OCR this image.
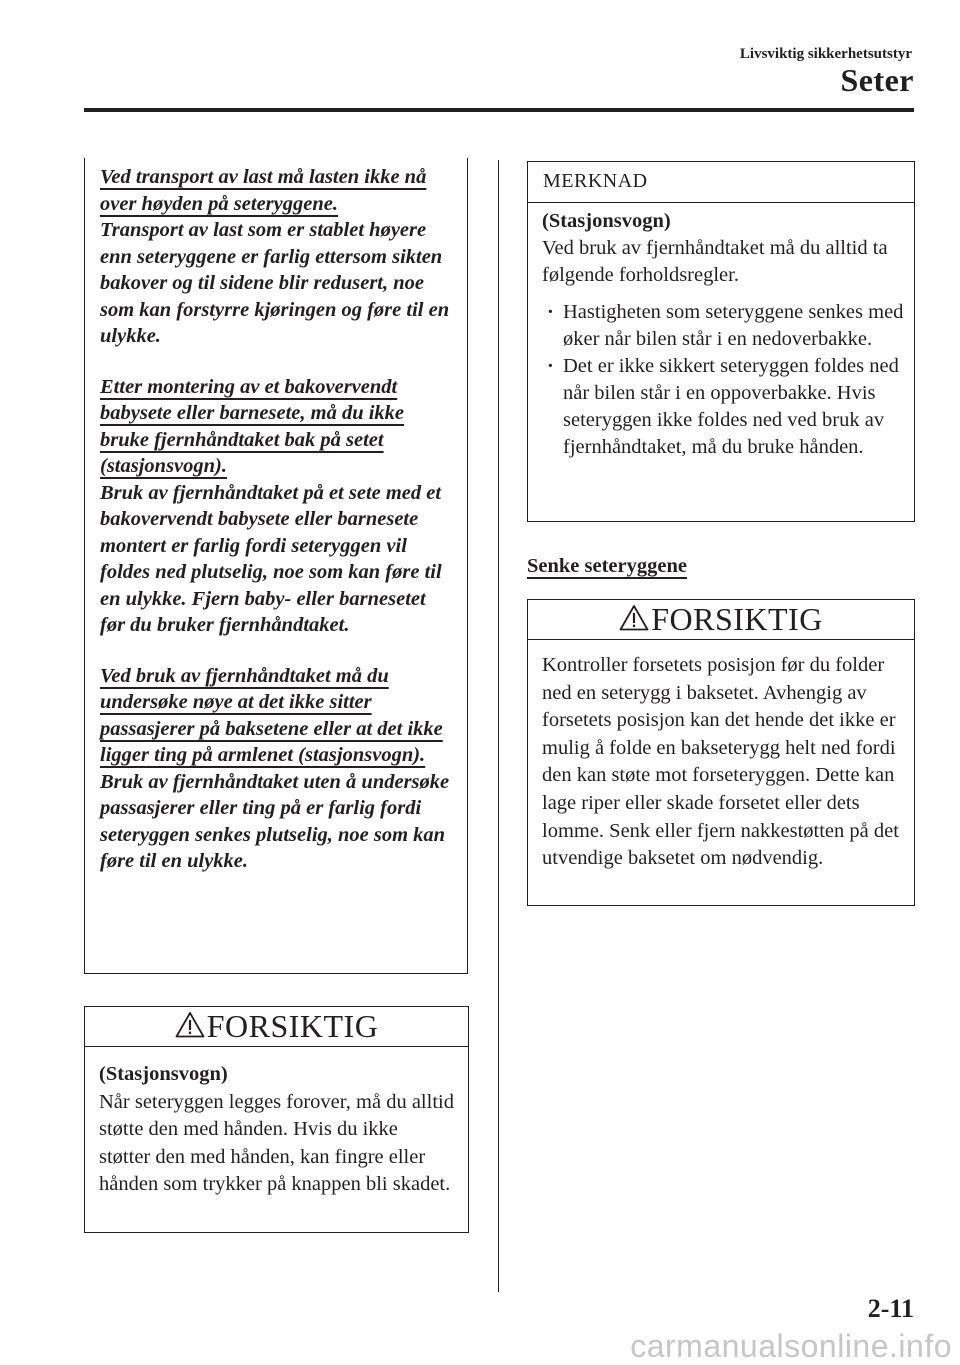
Livsviktig sikkerhetsutstyr
Seter

Ved transport av last må lasten ikke nå over høyden på seteryggene.

Transport av last som er stablet høyere enn seteryggene er farlig ettersom sikten bakover og til sidene blir redusert, noe som kan forstyrre kjøringen og føre til en ulykke.

Etter montering av et bakovervendt babysete eller barnesete, må du ikke bruke fjernhåndtaket bak på setet (stasjonsvogn).

Bruk av fjernhåndtaket på et sete med et bakovervendt babysete eller barnesete montert er farlig fordi seteryggen vil foldes ned plutselig, noe som kan føre til en ulykke. Fjern baby- eller barnesetet før du bruker fjernhåndtaket.

Ved bruk av fjernhåndtaket må du undersøke nøye at det ikke sitter passasjerer på baksetene eller at det ikke ligger ting på armlenet (stasjonsvogn).

Bruk av fjernhåndtaket uten å undersøke passasjerer eller ting på er farlig fordi seteryggen senkes plutselig, noe som kan føre til en ulykke.

FORSIKTIG

(Stasjonsvogn)

Når seteryggen legges forover, må du alltid støtte den med hånden. Hvis du ikke støtter den med hånden, kan fingre eller hånden som trykker på knappen bli skadet.

MERKNAD

(Stasjonsvogn)

Ved bruk av fjernhåndtaket må du alltid ta følgende forholdsregler.

· Hastigheten som seteryggene senkes med øker når bilen står i en nedoverbakke.
· Det er ikke sikkert seteryggen foldes ned når bilen står i en oppoverbakke. Hvis seteryggen ikke foldes ned ved bruk av fjernhåndtaket, må du bruke hånden.
Senke seteryggene
FORSIKTIG

Kontroller forsetets posisjon før du folder ned en seterygg i baksetet. Avhengig av forsetets posisjon kan det hende det ikke er mulig å folde en bakseterygg helt ned fordi den kan støte mot forseteryggen. Dette kan lage riper eller skade forsetet eller dets lomme. Senk eller fjern nakkestøtten på det utvendige baksetet om nødvendig.

2-11
carmanualsonline.info
